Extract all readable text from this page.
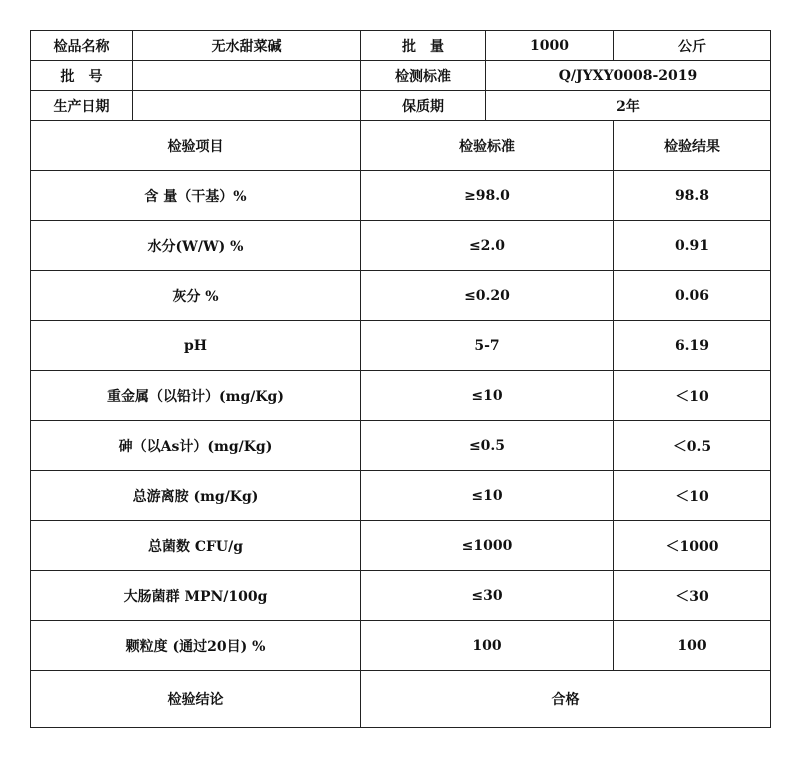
检品名称	无水甜菜碱	批　量	1000	公斤
批　号		检测标准	Q/JYXY0008-2019	
生产日期		保质期	2年	
检验项目		检验标准		检验结果
含 量（干基）%		≥98.0		98.8
水分(W/W) %		≤2.0		0.91
灰分 %		≤0.20		0.06
pH		5-7		6.19
重金属（以铅计）(mg/Kg)		≤10		＜10
砷（以As计）(mg/Kg)		≤0.5		＜0.5
总游离胺 (mg/Kg)		≤10		＜10
总菌数 CFU/g		≤1000		＜1000
大肠菌群 MPN/100g		≤30		＜30
颗粒度 (通过20目) %		100		100
检验结论		合格		
